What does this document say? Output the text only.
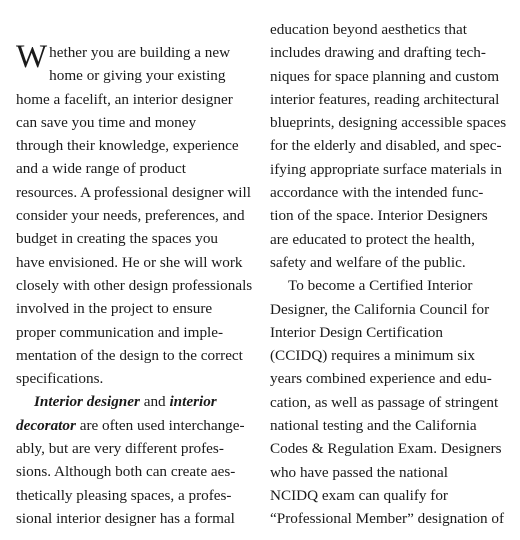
W hether you are building a new
home or giving your existing
home a facelift, an interior designer
can save you time and money
through their knowledge, experience
and a wide range of product
resources. A professional designer will
consider your needs, preferences, and
budget in creating the spaces you
have envisioned. He or she will work
closely with other design professionals
involved in the project to ensure
proper communication and imple-
mentation of the design to the correct
specifications.
Interior designer and interior
decorator are often used interchange-
ably, but are very different profes-
sions. Although both can create aes-
thetically pleasing spaces, a profes-
sional interior designer has a formal
education beyond aesthetics that
includes drawing and drafting tech-
niques for space planning and custom
interior features, reading architectural
blueprints, designing accessible spaces
for the elderly and disabled, and spec-
ifying appropriate surface materials in
accordance with the intended func-
tion of the space. Interior Designers
are educated to protect the health,
safety and welfare of the public.
To become a Certified Interior
Designer, the California Council for
Interior Design Certification
(CCIDQ) requires a minimum six
years combined experience and edu-
cation, as well as passage of stringent
national testing and the California
Codes & Regulation Exam. Designers
who have passed the national
NCIDQ exam can qualify for
“Professional Member” designation of
